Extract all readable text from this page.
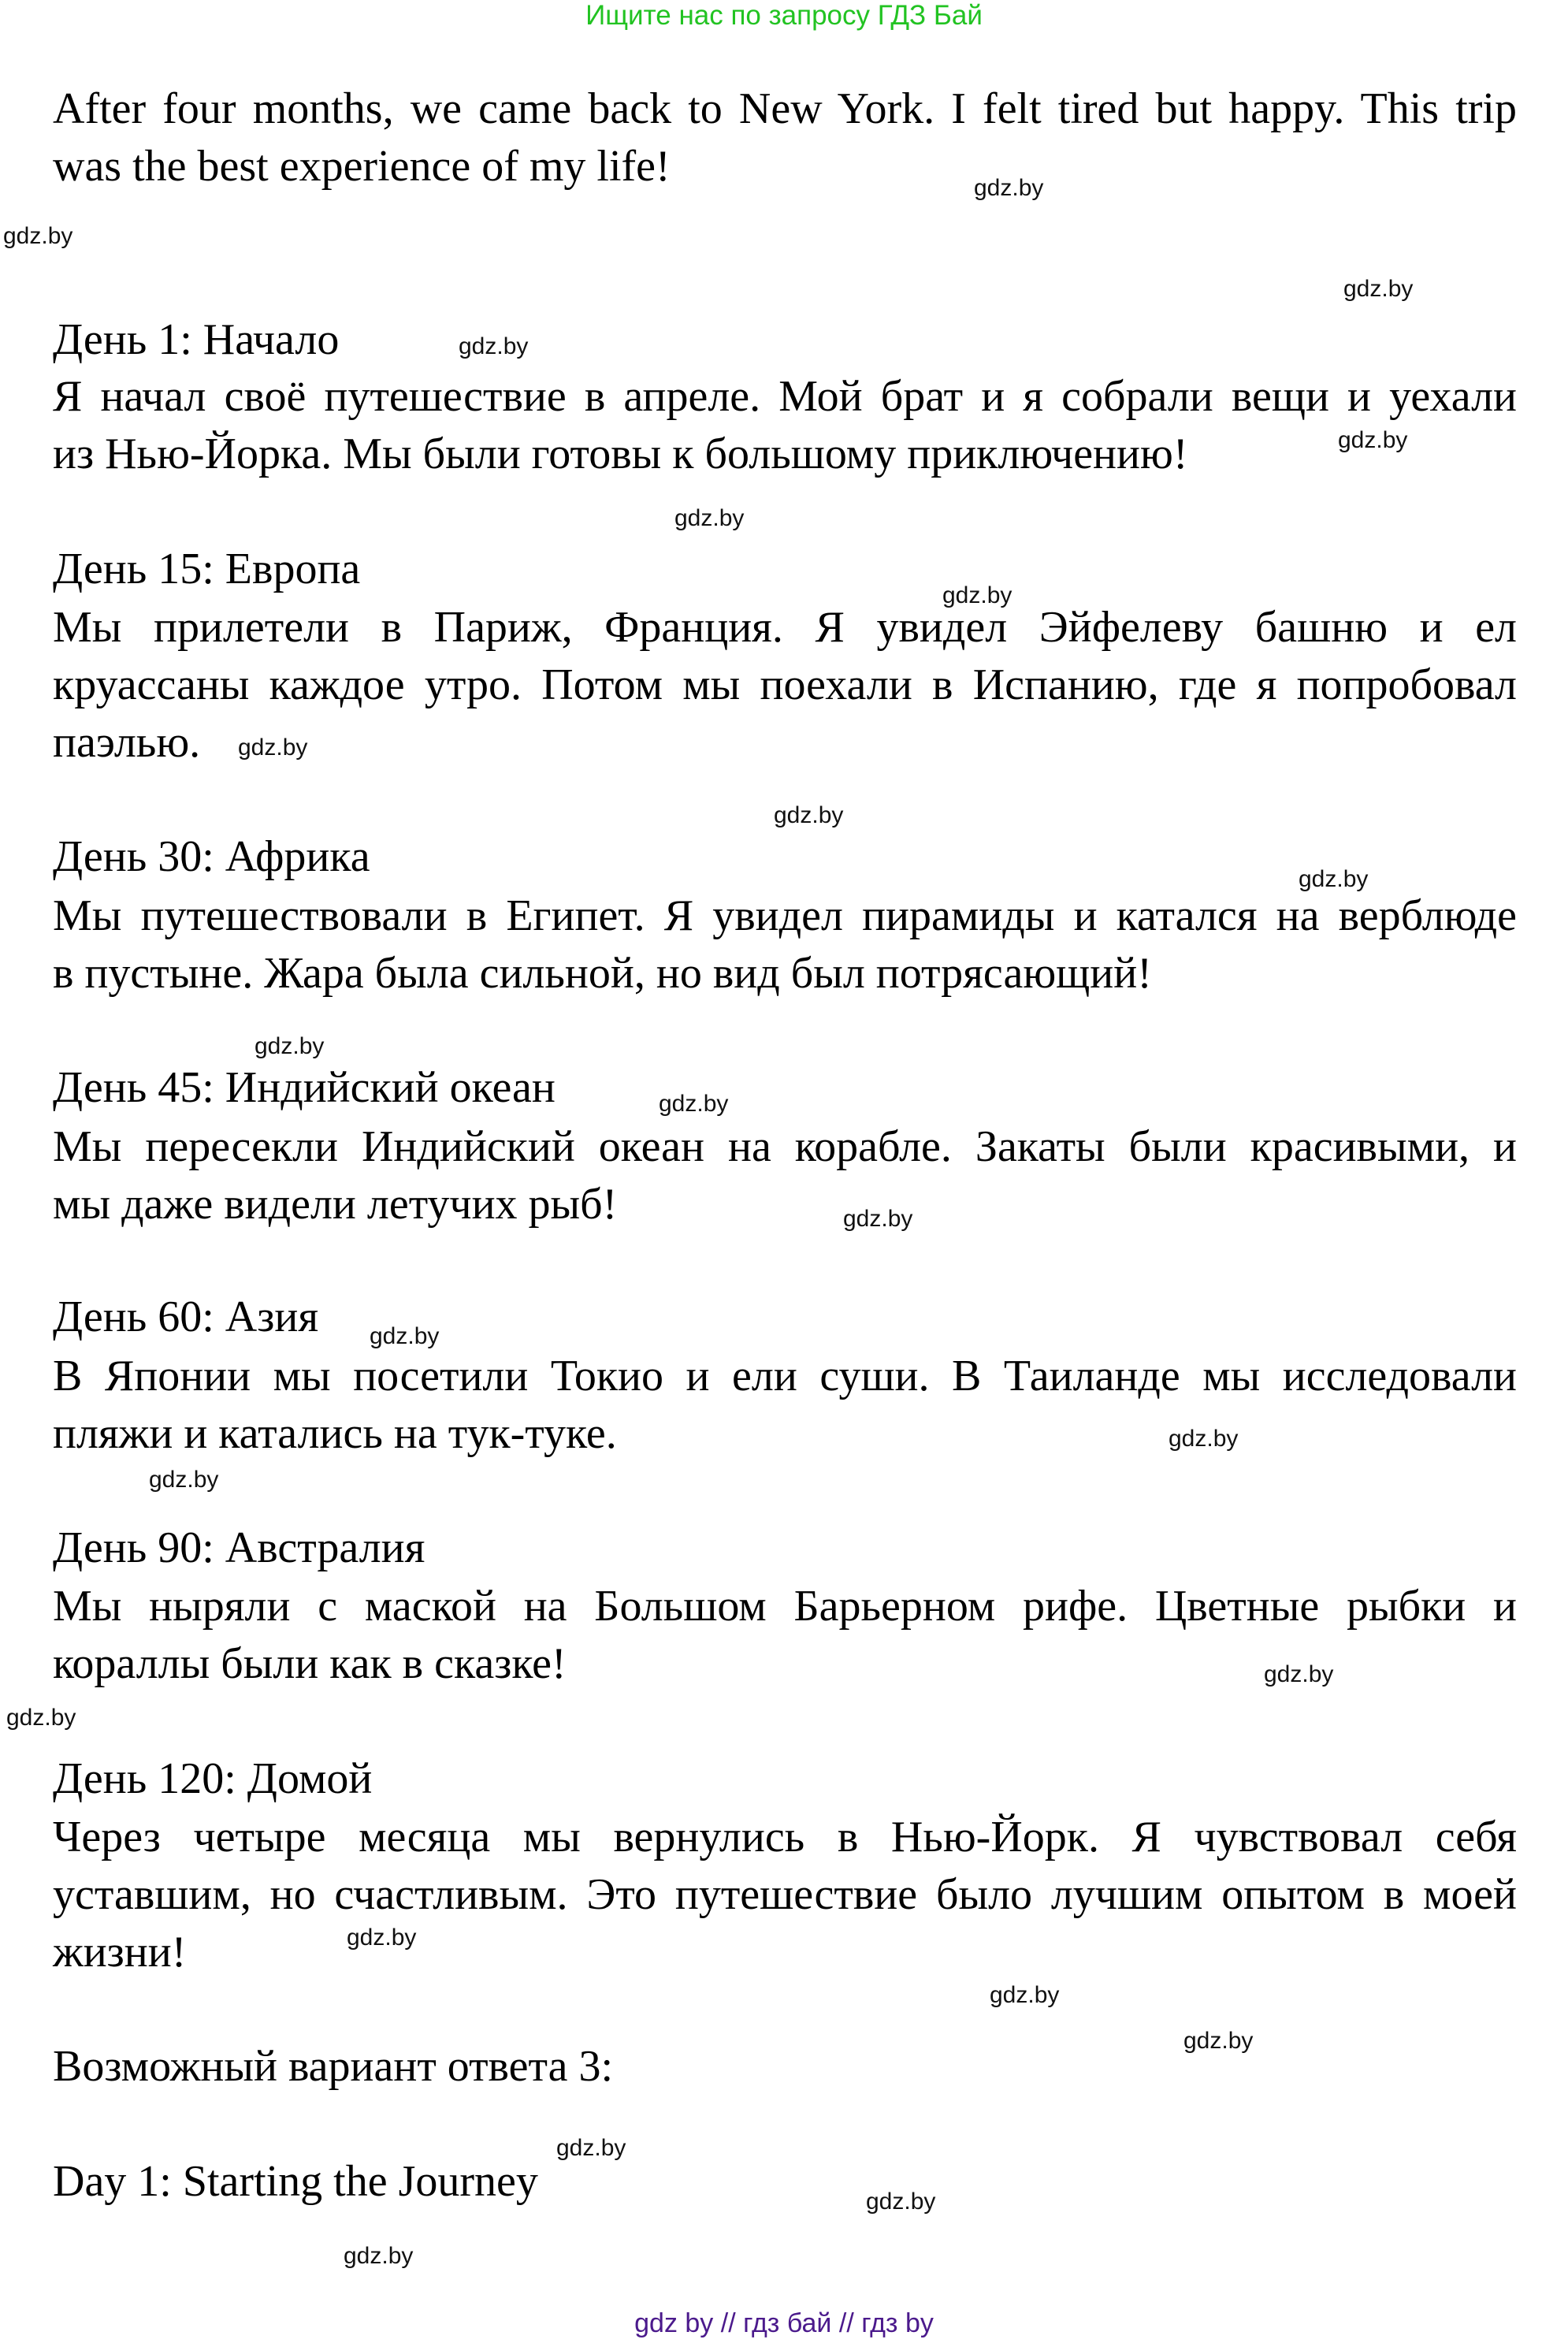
Ищите нас по запросу ГДЗ Бай
After four months, we came back to New York. I felt tired but happy. This trip
was the best experience of my life!
День 1: Начало
Я начал своё путешествие в апреле. Мой брат и я собрали вещи и уехали
из Нью-Йорка. Мы были готовы к большому приключению!
День 15: Европа
Мы прилетели в Париж, Франция. Я увидел Эйфелеву башню и ел
круассаны каждое утро. Потом мы поехали в Испанию, где я попробовал
паэлью.
День 30: Африка
Мы путешествовали в Египет. Я увидел пирамиды и катался на верблюде
в пустыне. Жара была сильной, но вид был потрясающий!
День 45: Индийский океан
Мы пересекли Индийский океан на корабле. Закаты были красивыми, и
мы даже видели летучих рыб!
День 60: Азия
В Японии мы посетили Токио и ели суши. В Таиланде мы исследовали
пляжи и катались на тук-туке.
День 90: Австралия
Мы ныряли с маской на Большом Барьерном рифе. Цветные рыбки и
кораллы были как в сказке!
День 120: Домой
Через четыре месяца мы вернулись в Нью-Йорк. Я чувствовал себя
уставшим, но счастливым. Это путешествие было лучшим опытом в моей
жизни!
Возможный вариант ответа 3:
Day 1: Starting the Journey
gdz.by
gdz.by
gdz.by
gdz.by
gdz.by
gdz.by
gdz.by
gdz.by
gdz.by
gdz.by
gdz.by
gdz.by
gdz.by
gdz.by
gdz.by
gdz.by
gdz.by
gdz.by
gdz.by
gdz.by
gdz.by
gdz.by
gdz.by
gdz.by
gdz by // гдз бай // гдз by
